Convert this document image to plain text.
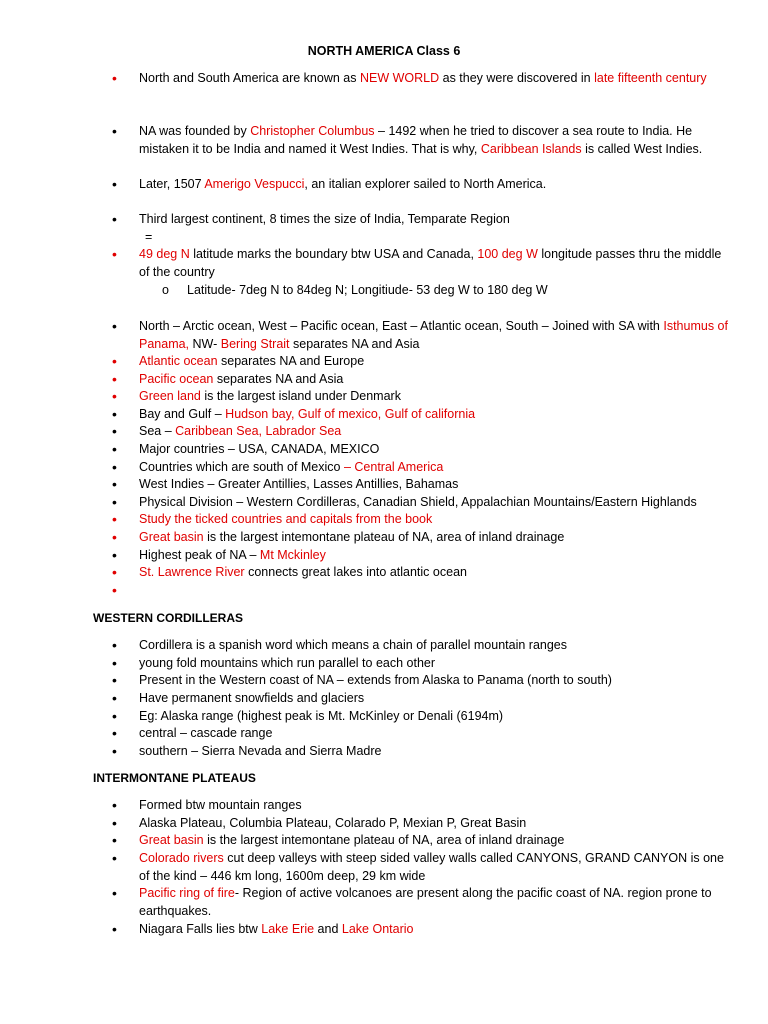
NORTH AMERICA Class 6
• North and South America are known as NEW WORLD as they were discovered in late fifteenth century
• NA was founded by Christopher Columbus – 1492 when he tried to discover a sea route to India. He mistaken it to be India and named it West Indies. That is why, Caribbean Islands is called West Indies.
• Later, 1507 Amerigo Vespucci, an italian explorer sailed to North America.
• Third largest continent, 8 times the size of India, Temparate Region
=
• 49 deg N latitude marks the boundary btw USA and Canada, 100 deg W longitude passes thru the middle of the country
o Latitude- 7deg N to 84deg N; Longitiude- 53 deg W to 180 deg W
• North – Arctic ocean, West – Pacific ocean, East – Atlantic ocean, South – Joined with SA with Isthumus of Panama, NW- Bering Strait separates NA and Asia
• Atlantic ocean separates NA and Europe
• Pacific ocean separates NA and Asia
• Green land is the largest island under Denmark
• Bay and Gulf – Hudson bay, Gulf of mexico, Gulf of california
• Sea – Caribbean Sea, Labrador Sea
• Major countries – USA, CANADA, MEXICO
• Countries which are south of Mexico – Central America
• West Indies – Greater Antillies, Lasses Antillies, Bahamas
• Physical Division – Western Cordilleras, Canadian Shield, Appalachian Mountains/Eastern Highlands
• Study the ticked countries and capitals from the book
• Great basin is the largest intemontane plateau of NA, area of inland drainage
• Highest peak of NA – Mt Mckinley
• St. Lawrence River connects great lakes into atlantic ocean
•
WESTERN CORDILLERAS
• Cordillera is a spanish word which means a chain of parallel mountain ranges
• young fold mountains which run parallel to each other
• Present in the Western coast of NA – extends from Alaska to Panama (north to south)
• Have permanent snowfields and glaciers
• Eg: Alaska range (highest peak is Mt. McKinley or Denali (6194m)
• central – cascade range
• southern – Sierra Nevada and Sierra Madre
INTERMONTANE PLATEAUS
• Formed btw mountain ranges
• Alaska Plateau, Columbia Plateau, Colarado P, Mexian P, Great Basin
• Great basin is the largest intemontane plateau of NA, area of inland drainage
• Colorado rivers cut deep valleys with steep sided valley walls called CANYONS, GRAND CANYON is one of the kind – 446 km long, 1600m deep, 29 km wide
• Pacific ring of fire- Region of active volcanoes are present along the pacific coast of NA. region prone to earthquakes.
• Niagara Falls lies btw Lake Erie and Lake Ontario
